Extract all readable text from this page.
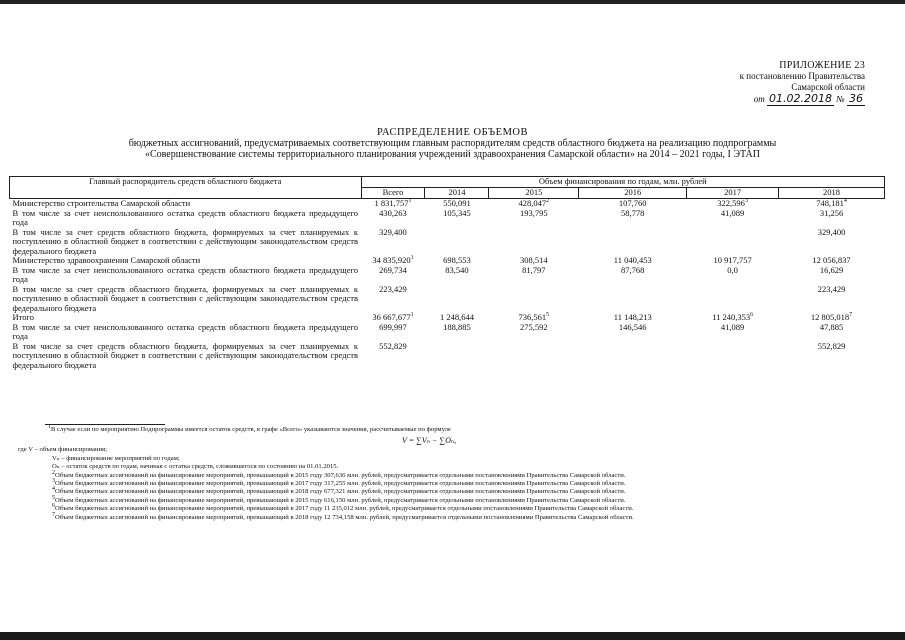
ПРИЛОЖЕНИЕ 23
к постановлению Правительства
Самарской области
от 01.02.2018 № 36
РАСПРЕДЕЛЕНИЕ ОБЪЕМОВ
бюджетных ассигнований, предусматриваемых соответствующим главным распорядителям средств областного бюджета на реализацию подпрограммы
«Совершенствование системы территориального планирования учреждений здравоохранения Самарской области» на 2014 – 2021 годы, I ЭТАП
Главный распорядитель средств областного бюджета	Объем финансирования по годам, млн. рублей					
	Всего	2014	2015	2016	2017	2018
Министерство строительства Самарской области	1 831,757$^1$	550,091	428,047$^2$	107,760	322,596$^3$	748,181$^4$
В том числе за счет неиспользованного остатка средств областного бюджета предыдущего года	430,263	105,345	193,795	58,778	41,089	31,256
В том числе за счет средств областного бюджета, формируемых за счет планируемых к поступлению в областной бюджет в соответствии с действующим законодательством средств федерального бюджета	329,400					329,400
Министерство здравоохранения Самарской области	34 835,920$^1$	698,553	308,514	11 040,453	10 917,757	12 056,837
В том числе за счет неиспользованного остатка средств областного бюджета предыдущего года	269,734	83,540	81,797	87,768	0,0	16,629
В том числе за счет средств областного бюджета, формируемых за счет планируемых к поступлению в областной бюджет в соответствии с действующим законодательством средств федерального бюджета	223,429					223,429
Итого	36 667,677$^1$	1 248,644	736,561$^5$	11 148,213	11 240,353$^6$	12 805,018$^7$
В том числе за счет неиспользованного остатка средств областного бюджета предыдущего года	699,997	188,885	275,592	146,546	41,089	47,885
В том числе за счет средств областного бюджета, формируемых за счет планируемых к поступлению в областной бюджет в соответствии с действующим законодательством средств федерального бюджета	552,829					552,829
1В случае если по мероприятию Подпрограммы имеется остаток средств, в графе «Всего» указываются значения, рассчитываемые по формуле
где V – объем финансирования;
Vₙ – финансирование мероприятий по годам;
Oₙ – остаток средств по годам, начиная с остатка средств, сложившегося по состоянию на 01.01.2015.
2Объем бюджетных ассигнований на финансирование мероприятий, превышающий в 2015 году 307,636 млн. рублей, предусматривается отдельными постановлениями Правительства Самарской области.
3Объем бюджетных ассигнований на финансирование мероприятий, превышающий в 2017 году 317,255 млн. рублей, предусматривается отдельными постановлениями Правительства Самарской области.
4Объем бюджетных ассигнований на финансирование мероприятий, превышающий в 2018 году 677,321 млн. рублей, предусматривается отдельными постановлениями Правительства Самарской области.
5Объем бюджетных ассигнований на финансирование мероприятий, превышающий в 2015 году 616,150 млн. рублей, предусматривается отдельными постановлениями Правительства Самарской области.
6Объем бюджетных ассигнований на финансирование мероприятий, превышающий в 2017 году 11 235,012 млн. рублей, предусматривается отдельными постановлениями Правительства Самарской области.
7Объем бюджетных ассигнований на финансирование мероприятий, превышающий в 2018 году 12 734,158 млн. рублей, предусматривается отдельными постановлениями Правительства Самарской области.
V = ∑Vₙ − ∑Oₙ,
